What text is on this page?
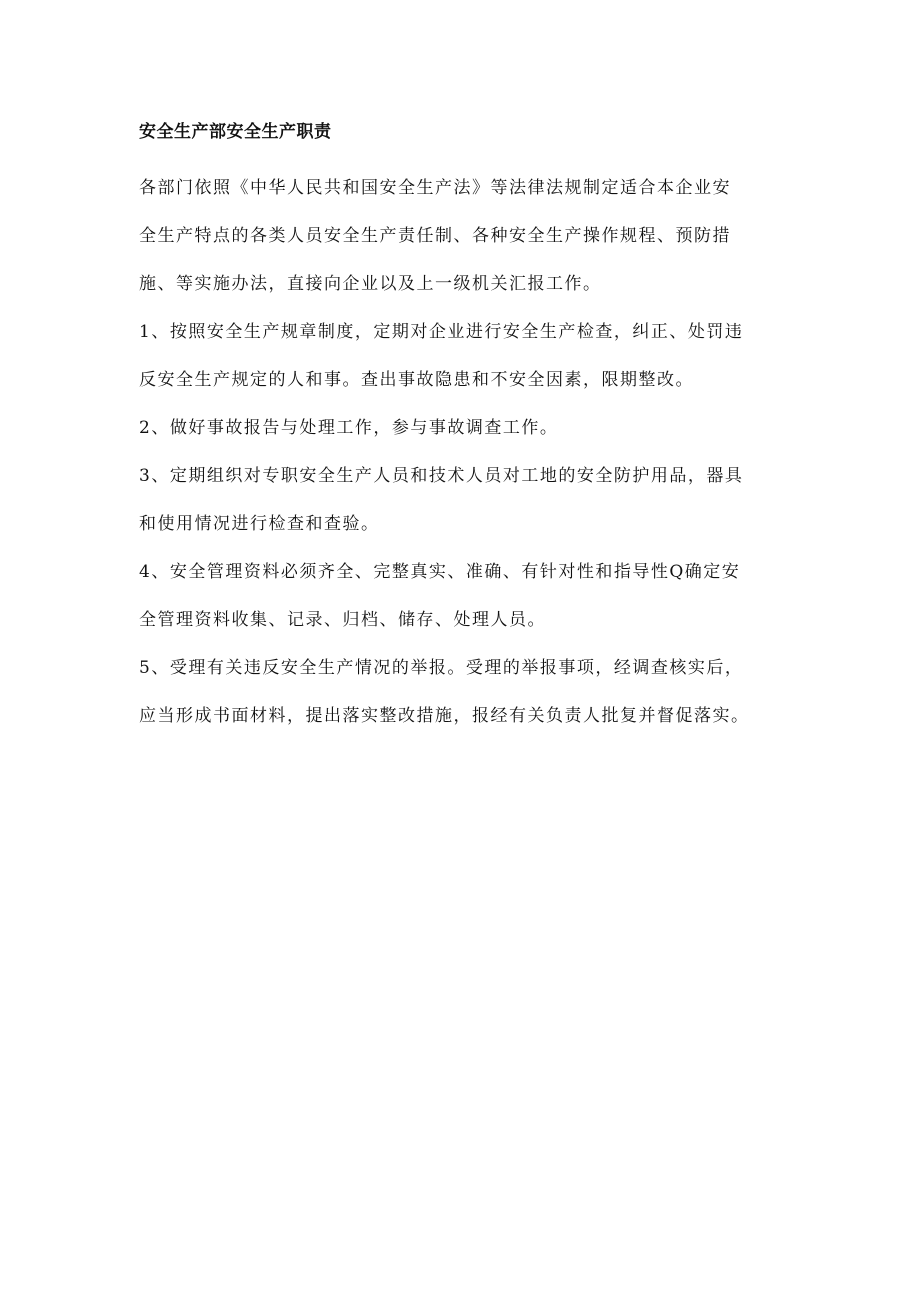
安全生产部安全生产职责

各部门依照《中华人民共和国安全生产法》等法律法规制定适合本企业安

全生产特点的各类人员安全生产责任制、各种安全生产操作规程、预防措

施、等实施办法，直接向企业以及上一级机关汇报工作。

1、按照安全生产规章制度，定期对企业进行安全生产检查，纠正、处罚违

反安全生产规定的人和事。查出事故隐患和不安全因素，限期整改。

2、做好事故报告与处理工作，参与事故调查工作。

3、定期组织对专职安全生产人员和技术人员对工地的安全防护用品，器具

和使用情况进行检查和查验。

4、安全管理资料必须齐全、完整真实、准确、有针对性和指导性Q确定安

全管理资料收集、记录、归档、储存、处理人员。

5、受理有关违反安全生产情况的举报。受理的举报事项，经调查核实后，

应当形成书面材料，提出落实整改措施，报经有关负责人批复并督促落实。
